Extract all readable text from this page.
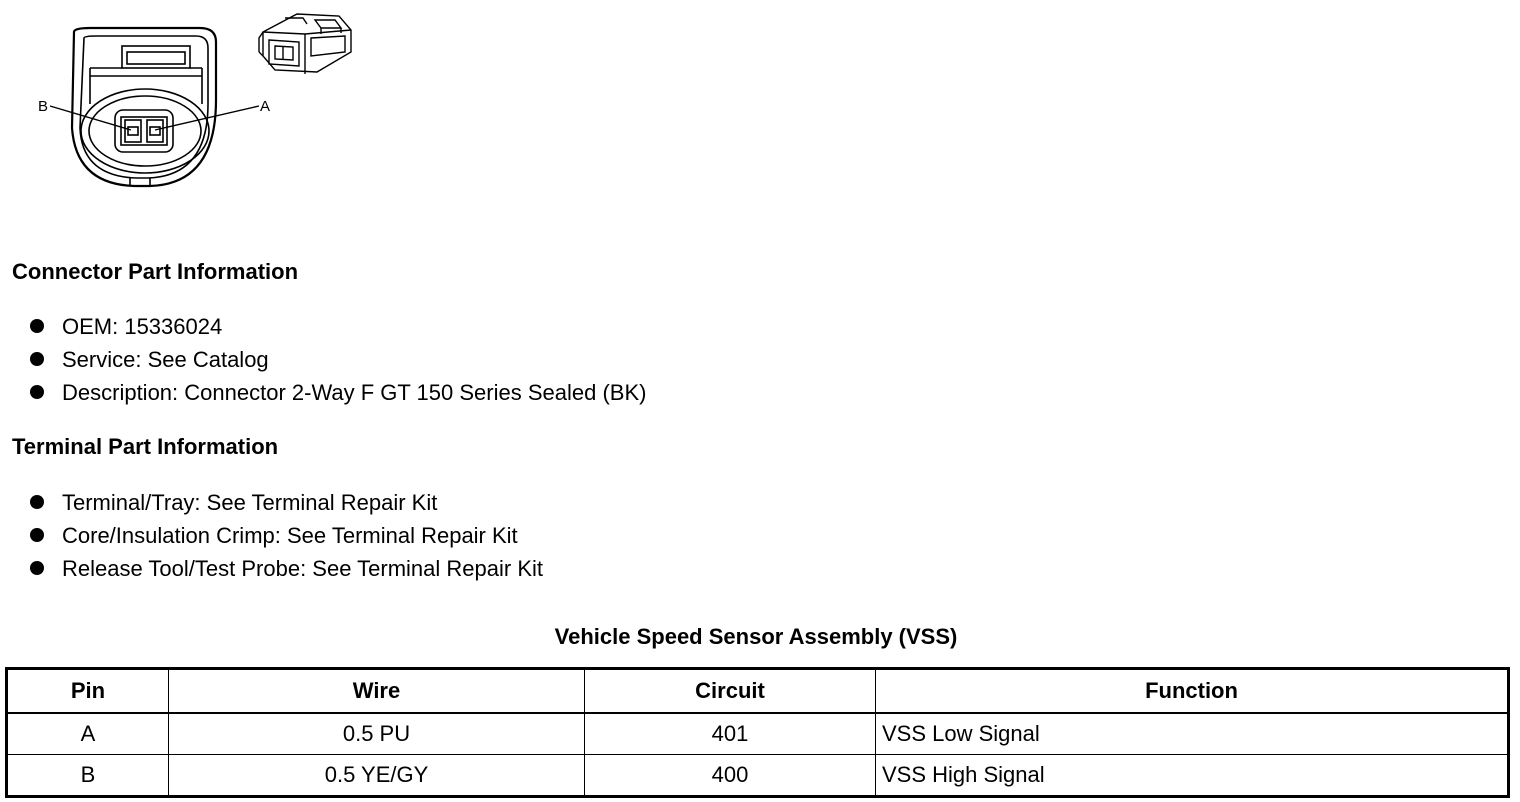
B	A
Connector Part Information
OEM: 15336024
Service: See Catalog
Description: Connector 2-Way F GT 150 Series Sealed (BK)
Terminal Part Information
Terminal/Tray: See Terminal Repair Kit
Core/Insulation Crimp: See Terminal Repair Kit
Release Tool/Test Probe: See Terminal Repair Kit
Vehicle Speed Sensor Assembly (VSS)
Pin	Wire	Circuit	Function
A	0.5 PU	401	VSS Low Signal
B	0.5 YE/GY	400	VSS High Signal
